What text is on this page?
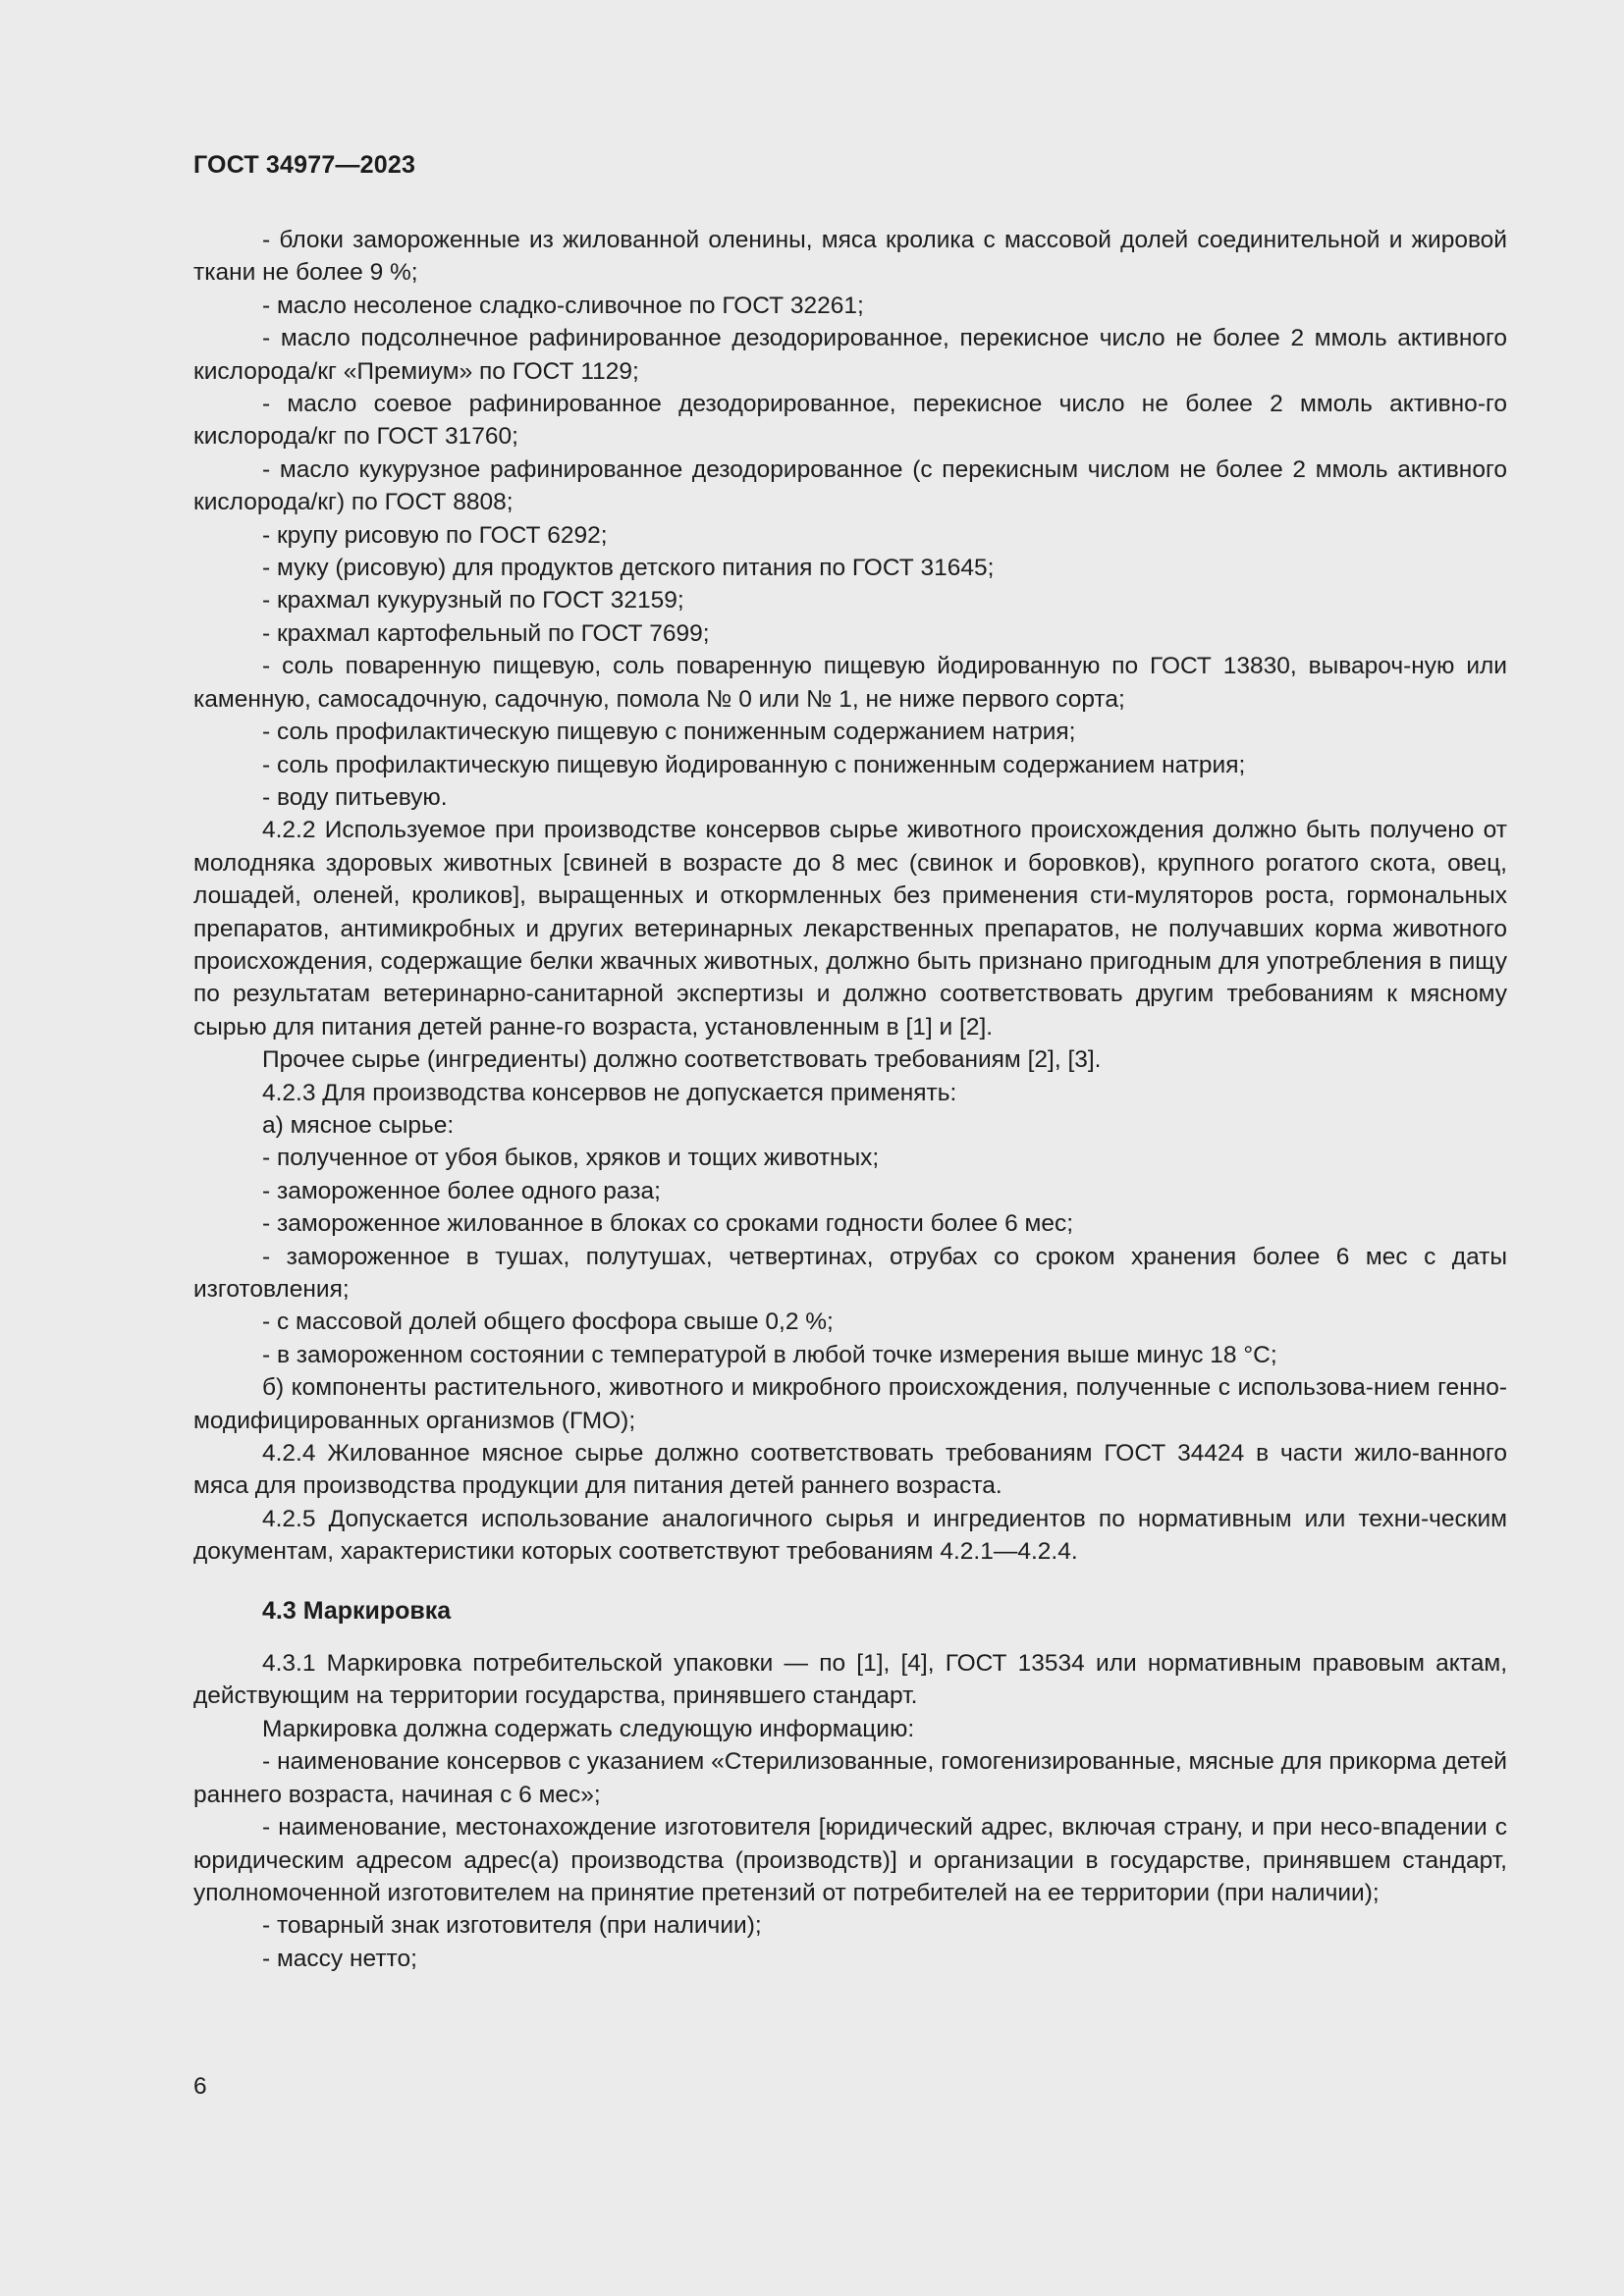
ГОСТ 34977—2023

- блоки замороженные из жилованной оленины, мяса кролика с массовой долей соединительной и жировой ткани не более 9 %;

- масло несоленое сладко-сливочное по ГОСТ 32261;

- масло подсолнечное рафинированное дезодорированное, перекисное число не более 2 ммоль активного кислорода/кг «Премиум» по ГОСТ 1129;

- масло соевое рафинированное дезодорированное, перекисное число не более 2 ммоль активно-го кислорода/кг по ГОСТ 31760;

- масло кукурузное рафинированное дезодорированное (с перекисным числом не более 2 ммоль активного кислорода/кг) по ГОСТ 8808;

- крупу рисовую по ГОСТ 6292;

- муку (рисовую) для продуктов детского питания по ГОСТ 31645;

- крахмал кукурузный по ГОСТ 32159;

- крахмал картофельный по ГОСТ 7699;

- соль поваренную пищевую, соль поваренную пищевую йодированную по ГОСТ 13830, вывароч-ную или каменную, самосадочную, садочную, помола № 0 или № 1, не ниже первого сорта;

- соль профилактическую пищевую с пониженным содержанием натрия;

- соль профилактическую пищевую йодированную с пониженным содержанием натрия;

- воду питьевую.

4.2.2 Используемое при производстве консервов сырье животного происхождения должно быть получено от молодняка здоровых животных [свиней в возрасте до 8 мес (свинок и боровков), крупного рогатого скота, овец, лошадей, оленей, кроликов], выращенных и откормленных без применения сти-муляторов роста, гормональных препаратов, антимикробных и других ветеринарных лекарственных препаратов, не получавших корма животного происхождения, содержащие белки жвачных животных, должно быть признано пригодным для употребления в пищу по результатам ветеринарно-санитарной экспертизы и должно соответствовать другим требованиям к мясному сырью для питания детей ранне-го возраста, установленным в [1] и [2].

Прочее сырье (ингредиенты) должно соответствовать требованиям [2], [3].

4.2.3 Для производства консервов не допускается применять:

а) мясное сырье:

- полученное от убоя быков, хряков и тощих животных;

- замороженное более одного раза;

- замороженное жилованное в блоках со сроками годности более 6 мес;

- замороженное в тушах, полутушах, четвертинах, отрубах со сроком хранения более 6 мес с даты изготовления;

- с массовой долей общего фосфора свыше 0,2 %;

- в замороженном состоянии с температурой в любой точке измерения выше минус 18 °C;

б) компоненты растительного, животного и микробного происхождения, полученные с использова-нием генно-модифицированных организмов (ГМО);

4.2.4 Жилованное мясное сырье должно соответствовать требованиям ГОСТ 34424 в части жило-ванного мяса для производства продукции для питания детей раннего возраста.

4.2.5 Допускается использование аналогичного сырья и ингредиентов по нормативным или техни-ческим документам, характеристики которых соответствуют требованиям 4.2.1—4.2.4.

4.3 Маркировка

4.3.1 Маркировка потребительской упаковки — по [1], [4], ГОСТ 13534 или нормативным правовым актам, действующим на территории государства, принявшего стандарт.

Маркировка должна содержать следующую информацию:

- наименование консервов с указанием «Стерилизованные, гомогенизированные, мясные для прикорма детей раннего возраста, начиная с 6 мес»;

- наименование, местонахождение изготовителя [юридический адрес, включая страну, и при несо-впадении с юридическим адресом адрес(а) производства (производств)] и организации в государстве, принявшем стандарт, уполномоченной изготовителем на принятие претензий от потребителей на ее территории (при наличии);

- товарный знак изготовителя (при наличии);

- массу нетто;

6
